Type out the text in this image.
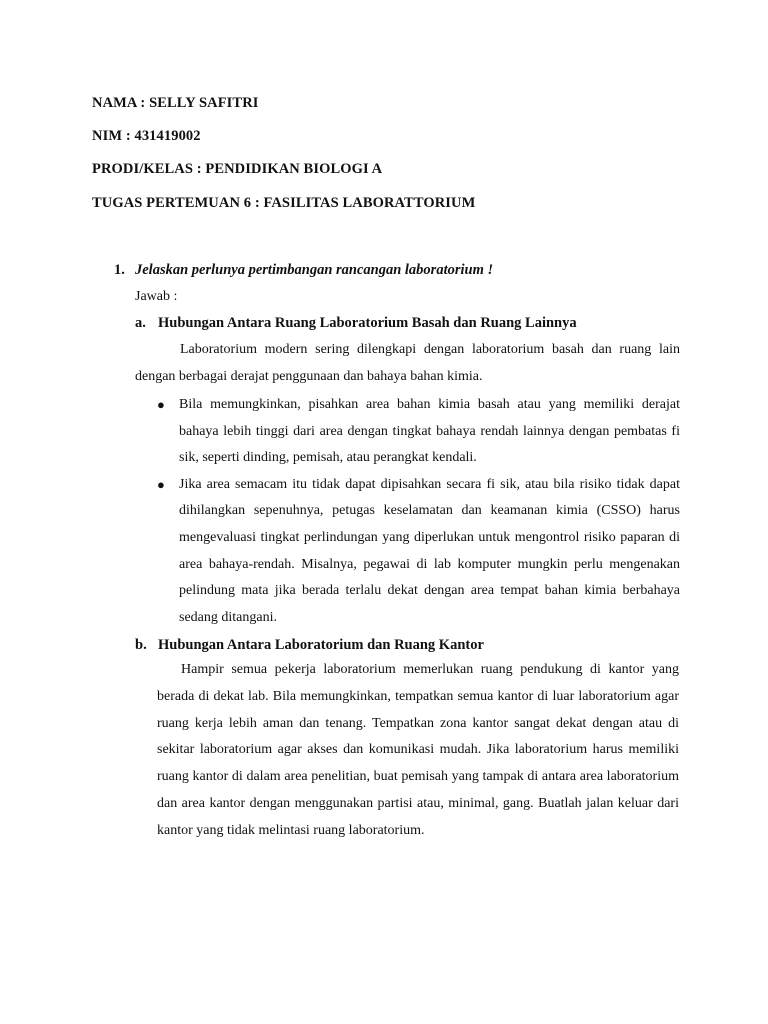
NAMA : SELLY SAFITRI
NIM : 431419002
PRODI/KELAS : PENDIDIKAN BIOLOGI A
TUGAS PERTEMUAN 6 : FASILITAS LABORATTORIUM
1. Jelaskan perlunya pertimbangan rancangan laboratorium !
Jawab :
a. Hubungan Antara Ruang Laboratorium Basah dan Ruang Lainnya

Laboratorium modern sering dilengkapi dengan laboratorium basah dan ruang lain dengan berbagai derajat penggunaan dan bahaya bahan kimia.

● Bila memungkinkan, pisahkan area bahan kimia basah atau yang memiliki derajat bahaya lebih tinggi dari area dengan tingkat bahaya rendah lainnya dengan pembatas fi sik, seperti dinding, pemisah, atau perangkat kendali.
● Jika area semacam itu tidak dapat dipisahkan secara fi sik, atau bila risiko tidak dapat dihilangkan sepenuhnya, petugas keselamatan dan keamanan kimia (CSSO) harus mengevaluasi tingkat perlindungan yang diperlukan untuk mengontrol risiko paparan di area bahaya-rendah. Misalnya, pegawai di lab komputer mungkin perlu mengenakan pelindung mata jika berada terlalu dekat dengan area tempat bahan kimia berbahaya sedang ditangani.
b. Hubungan Antara Laboratorium dan Ruang Kantor

Hampir semua pekerja laboratorium memerlukan ruang pendukung di kantor yang berada di dekat lab. Bila memungkinkan, tempatkan semua kantor di luar laboratorium agar ruang kerja lebih aman dan tenang. Tempatkan zona kantor sangat dekat dengan atau di sekitar laboratorium agar akses dan komunikasi mudah. Jika laboratorium harus memiliki ruang kantor di dalam area penelitian, buat pemisah yang tampak di antara area laboratorium dan area kantor dengan menggunakan partisi atau, minimal, gang. Buatlah jalan keluar dari kantor yang tidak melintasi ruang laboratorium.
